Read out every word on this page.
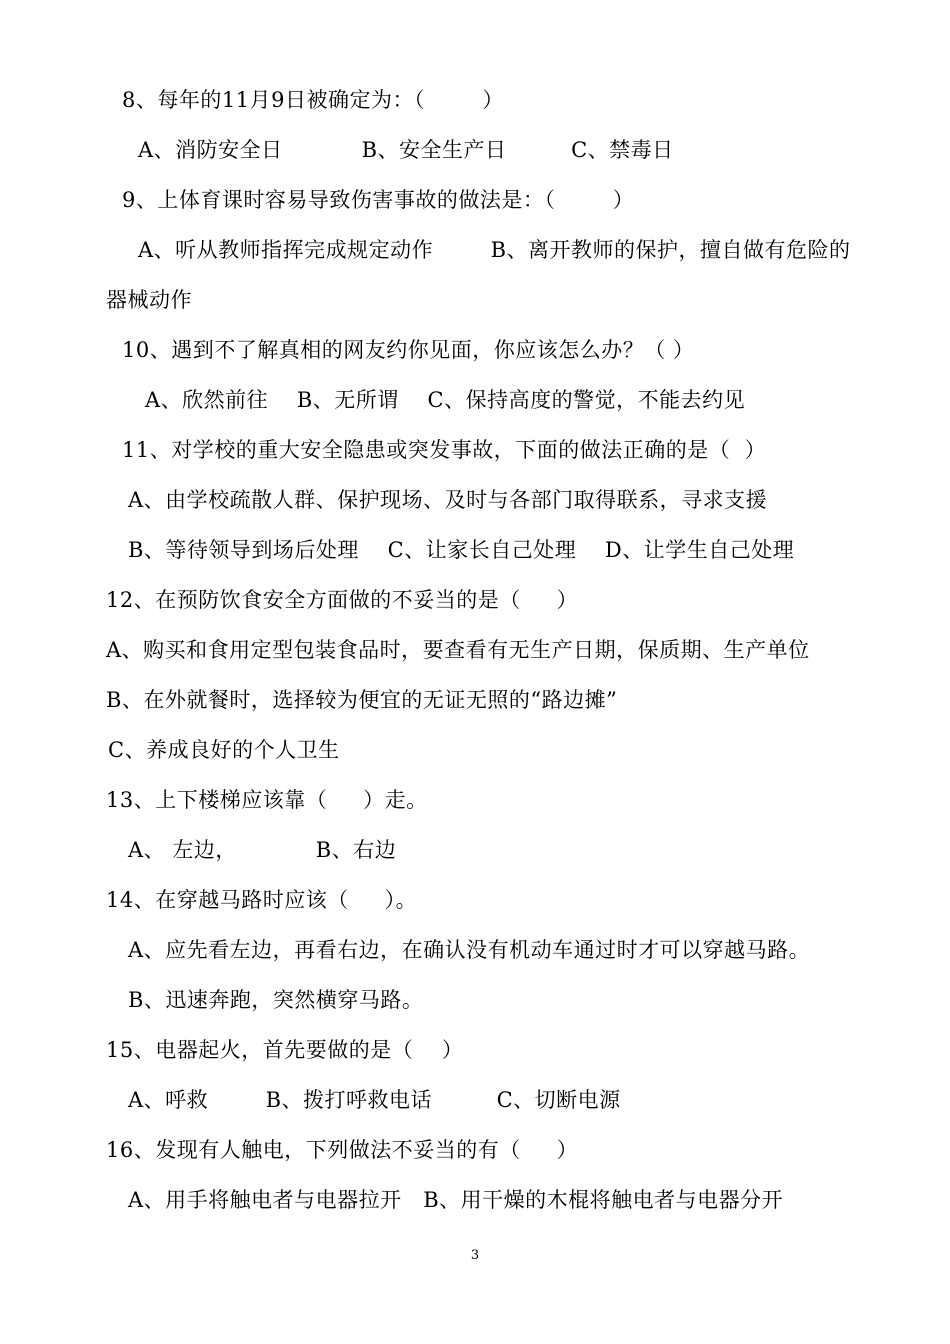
8、每年的11月9日被确定为：（        ）
A、消防安全日           B、安全生产日         C、禁毒日
9、上体育课时容易导致伤害事故的做法是：（        ）
A、听从教师指挥完成规定动作        B、离开教师的保护，擅自做有危险的
器械动作
10、遇到不了解真相的网友约你见面，你应该怎么办？（ ）
A、欣然前往    B、无所谓    C、保持高度的警觉，不能去约见
11、对学校的重大安全隐患或突发事故，下面的做法正确的是（  ）
A、由学校疏散人群、保护现场、及时与各部门取得联系，寻求支援
B、等待领导到场后处理    C、让家长自己处理    D、让学生自己处理
12、在预防饮食安全方面做的不妥当的是（     ）
A、购买和食用定型包装食品时，要查看有无生产日期，保质期、生产单位
B、在外就餐时，选择较为便宜的无证无照的“路边摊”
C、养成良好的个人卫生
13、上下楼梯应该靠（     ）走。
A、 左边，           B、右边
14、在穿越马路时应该（     ）。
A、应先看左边，再看右边，在确认没有机动车通过时才可以穿越马路。
B、迅速奔跑，突然横穿马路。
15、电器起火，首先要做的是（    ）
A、呼救        B、拨打呼救电话         C、切断电源
16、发现有人触电，下列做法不妥当的有（     ）
A、用手将触电者与电器拉开   B、用干燥的木棍将触电者与电器分开
3
